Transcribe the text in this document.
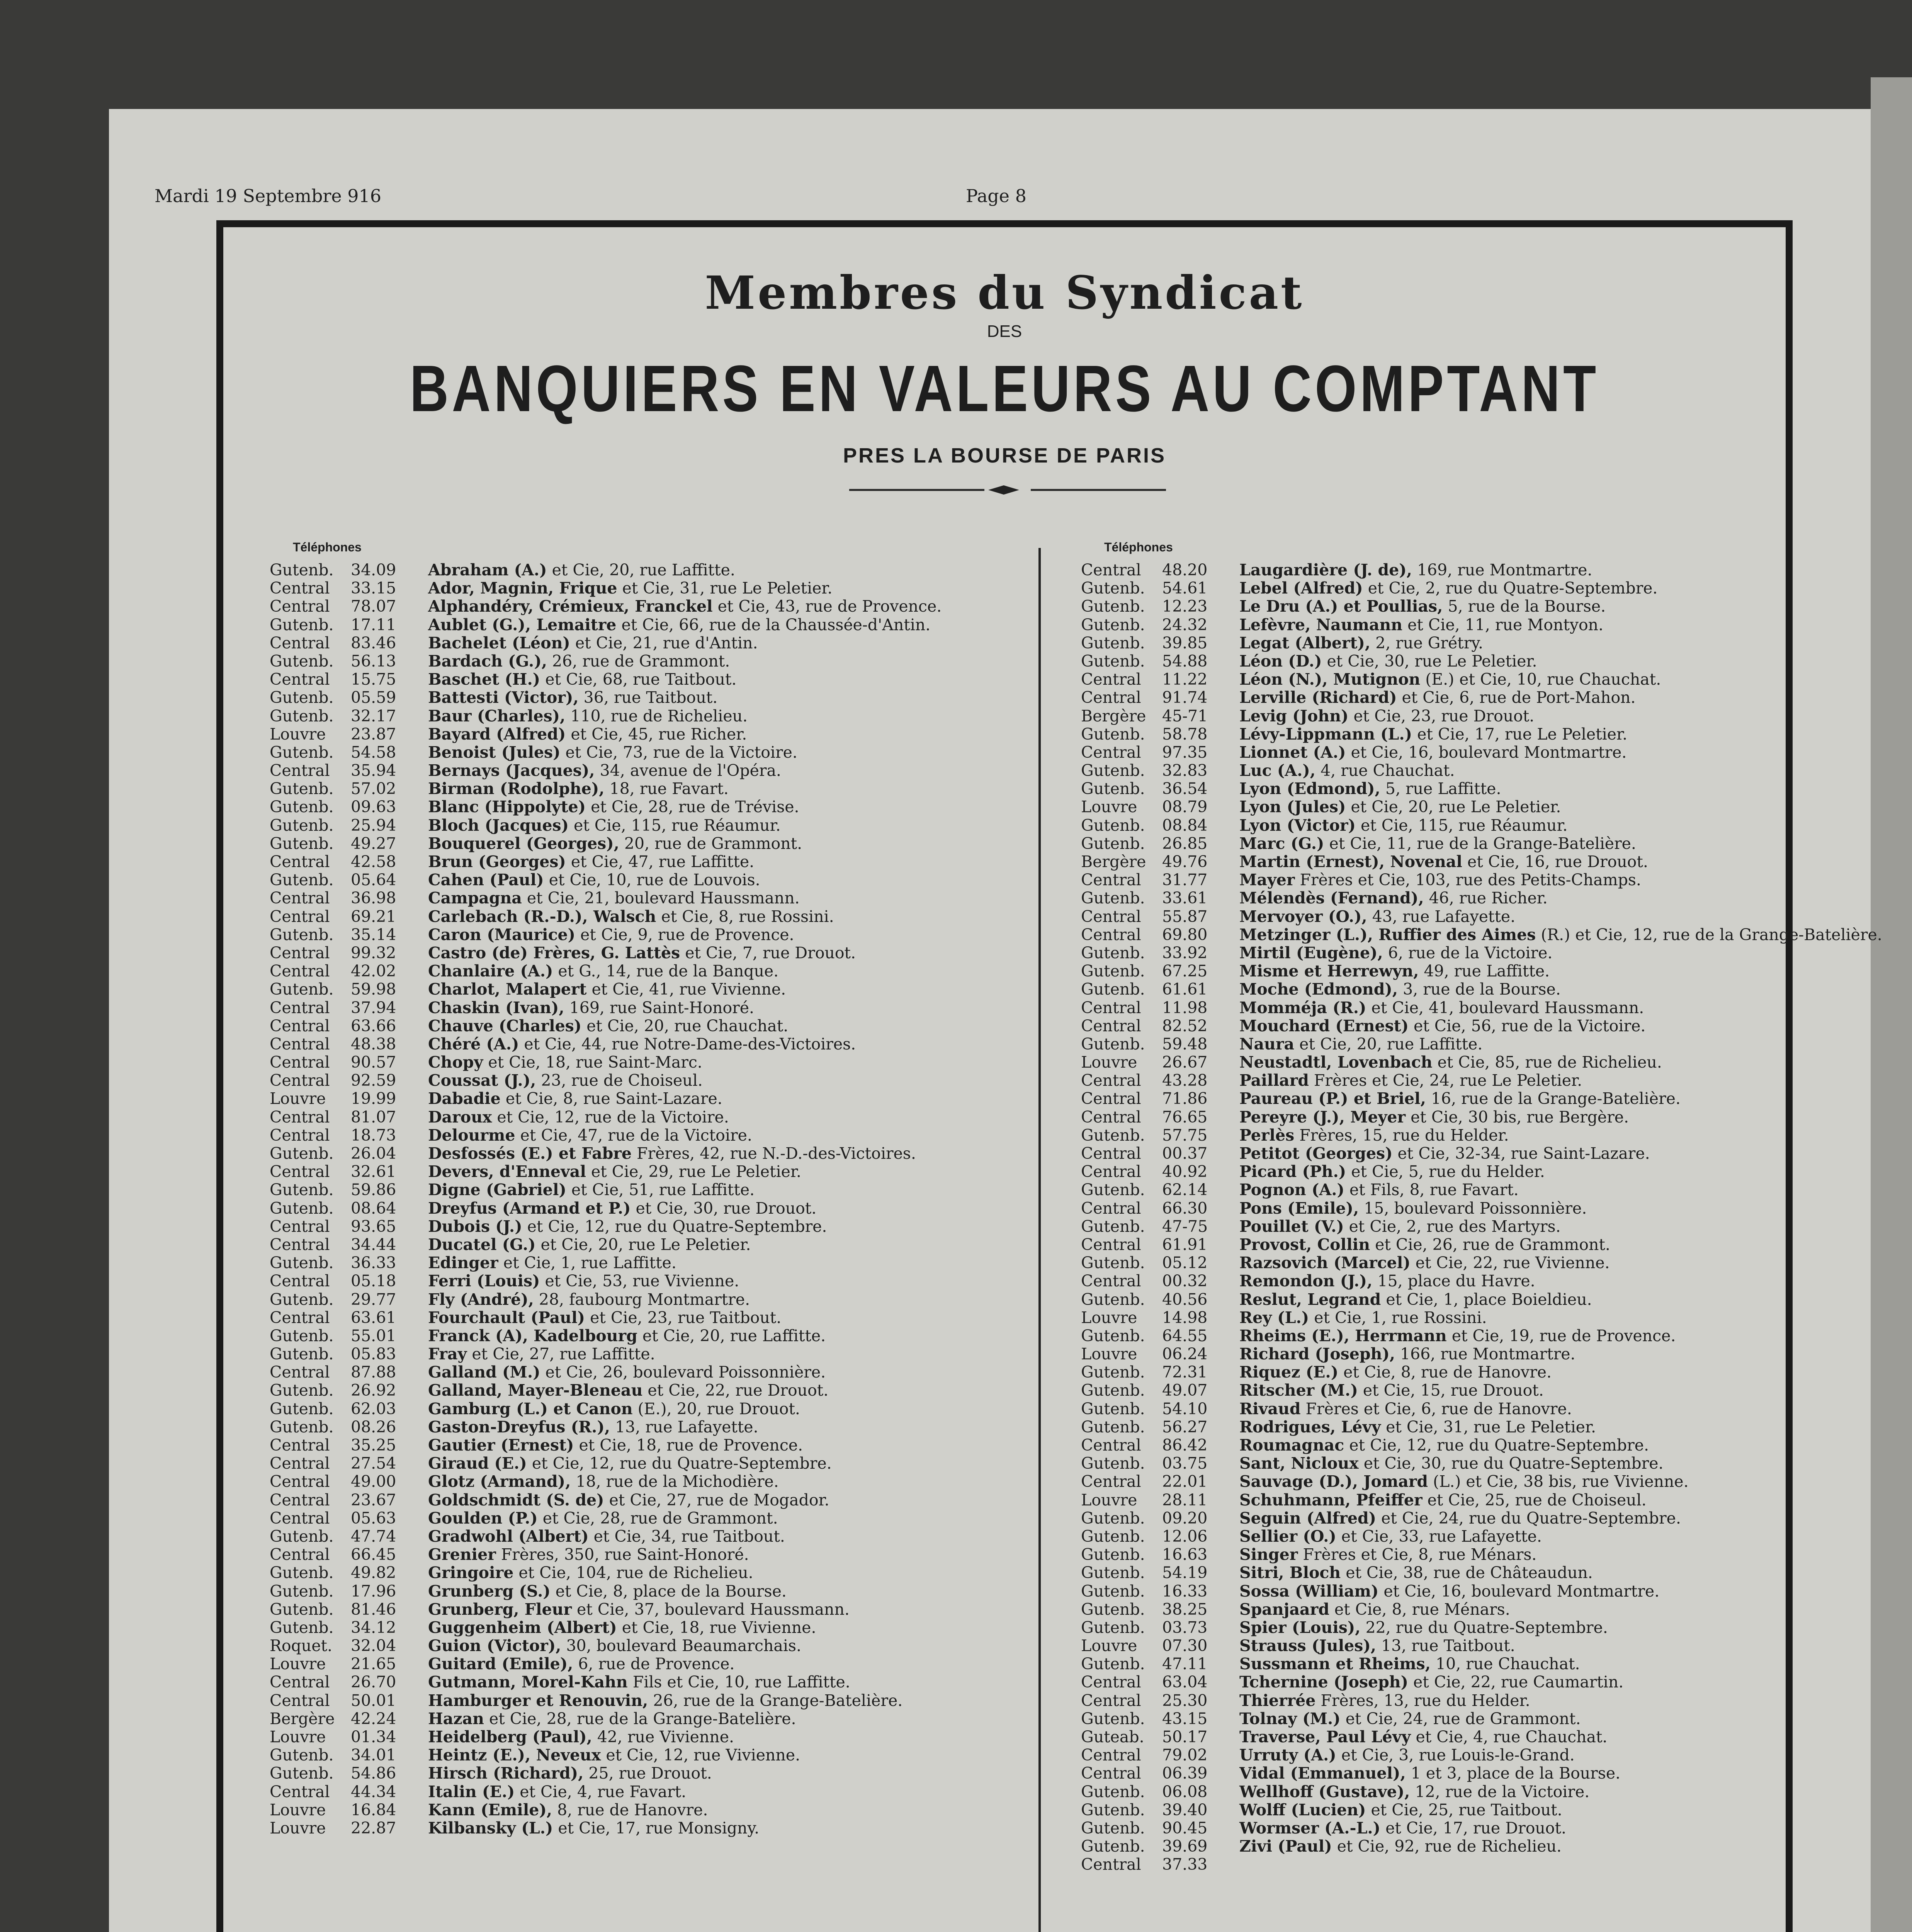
Mardi 19 Septembre 916	Page 8
Membres du Syndicat
DES
BANQUIERS EN VALEURS AU COMPTANT
PRES LA BOURSE DE PARIS
Téléphones
Gutenb. 34.09 Abraham (A.) et Cie, 20, rue Laffitte.
Central 33.15 Ador, Magnin, Frique et Cie, 31, rue Le Peletier.
Central 78.07 Alphandéry, Crémieux, Franckel et Cie, 43, rue de Provence.
Gutenb. 17.11 Aublet (G.), Lemaitre et Cie, 66, rue de la Chaussée-d'Antin.
Central 83.46 Bachelet (Léon) et Cie, 21, rue d'Antin.
Gutenb. 56.13 Bardach (G.), 26, rue de Grammont.
Central 15.75 Baschet (H.) et Cie, 68, rue Taitbout.
Gutenb. 05.59 Battesti (Victor), 36, rue Taitbout.
Gutenb. 32.17 Baur (Charles), 110, rue de Richelieu.
Louvre 23.87 Bayard (Alfred) et Cie, 45, rue Richer.
Gutenb. 54.58 Benoist (Jules) et Cie, 73, rue de la Victoire.
Central 35.94 Bernays (Jacques), 34, avenue de l'Opéra.
Gutenb. 57.02 Birman (Rodolphe), 18, rue Favart.
Gutenb. 09.63 Blanc (Hippolyte) et Cie, 28, rue de Trévise.
Gutenb. 25.94 Bloch (Jacques) et Cie, 115, rue Réaumur.
Gutenb. 49.27 Bouquerel (Georges), 20, rue de Grammont.
Central 42.58 Brun (Georges) et Cie, 47, rue Laffitte.
Gutenb. 05.64 Cahen (Paul) et Cie, 10, rue de Louvois.
Central 36.98 Campagna et Cie, 21, boulevard Haussmann.
Central 69.21 Carlebach (R.-D.), Walsch et Cie, 8, rue Rossini.
Gutenb. 35.14 Caron (Maurice) et Cie, 9, rue de Provence.
Central 99.32 Castro (de) Frères, G. Lattès et Cie, 7, rue Drouot.
Central 42.02 Chanlaire (A.) et G., 14, rue de la Banque.
Gutenb. 59.98 Charlot, Malapert et Cie, 41, rue Vivienne.
Central 37.94 Chaskin (Ivan), 169, rue Saint-Honoré.
Central 63.66 Chauve (Charles) et Cie, 20, rue Chauchat.
Central 48.38 Chéré (A.) et Cie, 44, rue Notre-Dame-des-Victoires.
Central 90.57 Chopy et Cie, 18, rue Saint-Marc.
Central 92.59 Coussat (J.), 23, rue de Choiseul.
Louvre 19.99 Dabadie et Cie, 8, rue Saint-Lazare.
Central 81.07 Daroux et Cie, 12, rue de la Victoire.
Central 18.73 Delourme et Cie, 47, rue de la Victoire.
Gutenb. 26.04 Desfossés (E.) et Fabre Frères, 42, rue N.-D.-des-Victoires.
Central 32.61 Devers, d'Enneval et Cie, 29, rue Le Peletier.
Gutenb. 59.86 Digne (Gabriel) et Cie, 51, rue Laffitte.
Gutenb. 08.64 Dreyfus (Armand et P.) et Cie, 30, rue Drouot.
Central 93.65 Dubois (J.) et Cie, 12, rue du Quatre-Septembre.
Central 34.44 Ducatel (G.) et Cie, 20, rue Le Peletier.
Gutenb. 36.33 Edinger et Cie, 1, rue Laffitte.
Central 05.18 Ferri (Louis) et Cie, 53, rue Vivienne.
Gutenb. 29.77 Fly (André), 28, faubourg Montmartre.
Central 63.61 Fourchault (Paul) et Cie, 23, rue Taitbout.
Gutenb. 55.01 Franck (A), Kadelbourg et Cie, 20, rue Laffitte.
Gutenb. 05.83 Fray et Cie, 27, rue Laffitte.
Central 87.88 Galland (M.) et Cie, 26, boulevard Poissonnière.
Gutenb. 26.92 Galland, Mayer-Bleneau et Cie, 22, rue Drouot.
Gutenb. 62.03 Gamburg (L.) et Canon (E.), 20, rue Drouot.
Gutenb. 08.26 Gaston-Dreyfus (R.), 13, rue Lafayette.
Central 35.25 Gautier (Ernest) et Cie, 18, rue de Provence.
Central 27.54 Giraud (E.) et Cie, 12, rue du Quatre-Septembre.
Central 49.00 Glotz (Armand), 18, rue de la Michodière.
Central 23.67 Goldschmidt (S. de) et Cie, 27, rue de Mogador.
Central 05.63 Goulden (P.) et Cie, 28, rue de Grammont.
Gutenb. 47.74 Gradwohl (Albert) et Cie, 34, rue Taitbout.
Central 66.45 Grenier Frères, 350, rue Saint-Honoré.
Gutenb. 49.82 Gringoire et Cie, 104, rue de Richelieu.
Gutenb. 17.96 Grunberg (S.) et Cie, 8, place de la Bourse.
Gutenb. 81.46 Grunberg, Fleur et Cie, 37, boulevard Haussmann.
Gutenb. 34.12 Guggenheim (Albert) et Cie, 18, rue Vivienne.
Roquet. 32.04 Guion (Victor), 30, boulevard Beaumarchais.
Louvre 21.65 Guitard (Emile), 6, rue de Provence.
Central 26.70 Gutmann, Morel-Kahn Fils et Cie, 10, rue Laffitte.
Central 50.01 Hamburger et Renouvin, 26, rue de la Grange-Batelière.
Bergère 42.24 Hazan et Cie, 28, rue de la Grange-Batelière.
Louvre 01.34 Heidelberg (Paul), 42, rue Vivienne.
Gutenb. 34.01 Heintz (E.), Neveux et Cie, 12, rue Vivienne.
Gutenb. 54.86 Hirsch (Richard), 25, rue Drouot.
Central 44.34 Italin (E.) et Cie, 4, rue Favart.
Louvre 16.84 Kann (Emile), 8, rue de Hanovre.
Louvre 22.87 Kilbansky (L.) et Cie, 17, rue Monsigny.
Téléphones
Central 48.20 Laugardière (J. de), 169, rue Montmartre.
Gutenb. 54.61 Lebel (Alfred) et Cie, 2, rue du Quatre-Septembre.
Gutenb. 12.23 Le Dru (A.) et Poullias, 5, rue de la Bourse.
Gutenb. 24.32 Lefèvre, Naumann et Cie, 11, rue Montyon.
Gutenb. 39.85 Legat (Albert), 2, rue Grétry.
Gutenb. 54.88 Léon (D.) et Cie, 30, rue Le Peletier.
Central 11.22 Léon (N.), Mutignon (E.) et Cie, 10, rue Chauchat.
Central 91.74 Lerville (Richard) et Cie, 6, rue de Port-Mahon.
Bergère 45-71 Levig (John) et Cie, 23, rue Drouot.
Gutenb. 58.78 Lévy-Lippmann (L.) et Cie, 17, rue Le Peletier.
Central 97.35 Lionnet (A.) et Cie, 16, boulevard Montmartre.
Gutenb. 32.83 Luc (A.), 4, rue Chauchat.
Gutenb. 36.54 Lyon (Edmond), 5, rue Laffitte.
Louvre 08.79 Lyon (Jules) et Cie, 20, rue Le Peletier.
Gutenb. 08.84 Lyon (Victor) et Cie, 115, rue Réaumur.
Gutenb. 26.85 Marc (G.) et Cie, 11, rue de la Grange-Batelière.
Bergère 49.76 Martin (Ernest), Novenal et Cie, 16, rue Drouot.
Central 31.77 Mayer Frères et Cie, 103, rue des Petits-Champs.
Gutenb. 33.61 Mélendès (Fernand), 46, rue Richer.
Central 55.87 Mervoyer (O.), 43, rue Lafayette.
Central 69.80 Metzinger (L.), Ruffier des Aimes (R.) et Cie, 12, rue de la Grange-Batelière.
Gutenb. 33.92 Mirtil (Eugène), 6, rue de la Victoire.
Gutenb. 67.25 Misme et Herrewyn, 49, rue Laffitte.
Gutenb. 61.61 Moche (Edmond), 3, rue de la Bourse.
Central 11.98 Momméja (R.) et Cie, 41, boulevard Haussmann.
Central 82.52 Mouchard (Ernest) et Cie, 56, rue de la Victoire.
Gutenb. 59.48 Naura et Cie, 20, rue Laffitte.
Louvre 26.67 Neustadtl, Lovenbach et Cie, 85, rue de Richelieu.
Central 43.28 Paillard Frères et Cie, 24, rue Le Peletier.
Central 71.86 Paureau (P.) et Briel, 16, rue de la Grange-Batelière.
Central 76.65 Pereyre (J.), Meyer et Cie, 30 bis, rue Bergère.
Gutenb. 57.75 Perlès Frères, 15, rue du Helder.
Central 00.37 Petitot (Georges) et Cie, 32-34, rue Saint-Lazare.
Central 40.92 Picard (Ph.) et Cie, 5, rue du Helder.
Gutenb. 62.14 Pognon (A.) et Fils, 8, rue Favart.
Central 66.30 Pons (Emile), 15, boulevard Poissonnière.
Gutenb. 47-75 Pouillet (V.) et Cie, 2, rue des Martyrs.
Central 61.91 Provost, Collin et Cie, 26, rue de Grammont.
Gutenb. 05.12 Razsovich (Marcel) et Cie, 22, rue Vivienne.
Central 00.32 Remondon (J.), 15, place du Havre.
Gutenb. 40.56 Reslut, Legrand et Cie, 1, place Boieldieu.
Louvre 14.98 Rey (L.) et Cie, 1, rue Rossini.
Gutenb. 64.55 Rheims (E.), Herrmann et Cie, 19, rue de Provence.
Louvre 06.24 Richard (Joseph), 166, rue Montmartre.
Gutenb. 72.31 Riquez (E.) et Cie, 8, rue de Hanovre.
Gutenb. 49.07 Ritscher (M.) et Cie, 15, rue Drouot.
Gutenb. 54.10 Rivaud Frères et Cie, 6, rue de Hanovre.
Gutenb. 56.27 Rodrigues, Lévy et Cie, 31, rue Le Peletier.
Central 86.42 Roumagnac et Cie, 12, rue du Quatre-Septembre.
Gutenb. 03.75 Sant, Nicloux et Cie, 30, rue du Quatre-Septembre.
Central 22.01 Sauvage (D.), Jomard (L.) et Cie, 38 bis, rue Vivienne.
Louvre 28.11 Schuhmann, Pfeiffer et Cie, 25, rue de Choiseul.
Gutenb. 09.20 Seguin (Alfred) et Cie, 24, rue du Quatre-Septembre.
Gutenb. 12.06 Sellier (O.) et Cie, 33, rue Lafayette.
Gutenb. 16.63 Singer Frères et Cie, 8, rue Ménars.
Gutenb. 54.19 Sitri, Bloch et Cie, 38, rue de Châteaudun.
Gutenb. 16.33 Sossa (William) et Cie, 16, boulevard Montmartre.
Gutenb. 38.25 Spanjaard et Cie, 8, rue Ménars.
Gutenb. 03.73 Spier (Louis), 22, rue du Quatre-Septembre.
Louvre 07.30 Strauss (Jules), 13, rue Taitbout.
Gutenb. 47.11 Sussmann et Rheims, 10, rue Chauchat.
Central 63.04 Tchernine (Joseph) et Cie, 22, rue Caumartin.
Central 25.30 Thierrée Frères, 13, rue du Helder.
Gutenb. 43.15 Tolnay (M.) et Cie, 24, rue de Grammont.
Guteab. 50.17 Traverse, Paul Lévy et Cie, 4, rue Chauchat.
Central 79.02 Urruty (A.) et Cie, 3, rue Louis-le-Grand.
Central 06.39 Vidal (Emmanuel), 1 et 3, place de la Bourse.
Gutenb. 06.08 Wellhoff (Gustave), 12, rue de la Victoire.
Gutenb. 39.40 Wolff (Lucien) et Cie, 25, rue Taitbout.
Gutenb. 90.45 Wormser (A.-L.) et Cie, 17, rue Drouot.
Gutenb. 39.69 Zivi (Paul) et Cie, 92, rue de Richelieu.
Central 37.33
